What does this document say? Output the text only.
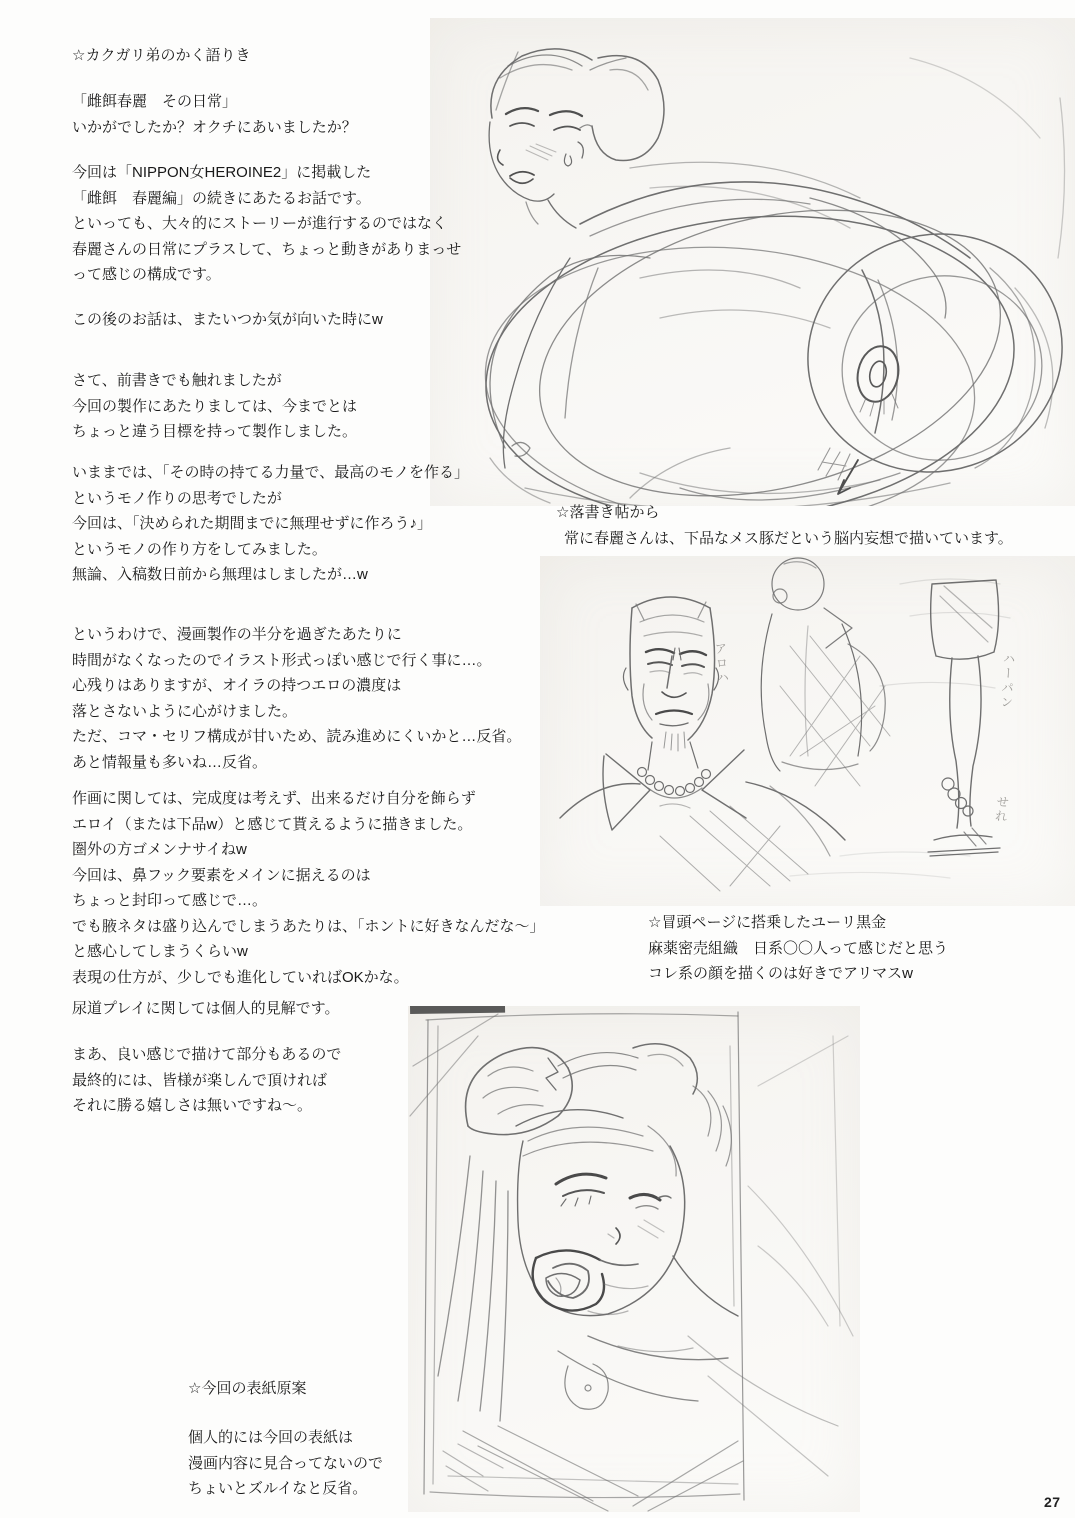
アロハ	ハーパン
せれ
☆カクガリ弟のかく語りき
「雌餌春麗　その日常」
いかがでしたか？オクチにあいましたか？
今回は「NIPPON女HEROINE2」に掲載した
「雌餌　春麗編」の続きにあたるお話です。
といっても、大々的にストーリーが進行するのではなく
春麗さんの日常にプラスして、ちょっと動きがありまっせ
って感じの構成です。
この後のお話は、またいつか気が向いた時にw
さて、前書きでも触れましたが
今回の製作にあたりましては、今までとは
ちょっと違う目標を持って製作しました。
いままでは、「その時の持てる力量で、最高のモノを作る」
というモノ作りの思考でしたが
今回は、「決められた期間までに無理せずに作ろう♪」
というモノの作り方をしてみました。
無論、入稿数日前から無理はしましたが…w
というわけで、漫画製作の半分を過ぎたあたりに
時間がなくなったのでイラスト形式っぽい感じで行く事に…。
心残りはありますが、オイラの持つエロの濃度は
落とさないように心がけました。
ただ、コマ・セリフ構成が甘いため、読み進めにくいかと…反省。
あと情報量も多いね…反省。
作画に関しては、完成度は考えず、出来るだけ自分を飾らず
エロイ（または下品w）と感じて貰えるように描きました。
圏外の方ゴメンナサイねw
今回は、鼻フック要素をメインに据えるのは
ちょっと封印って感じで…。
でも腋ネタは盛り込んでしまうあたりは、「ホントに好きなんだな～」
と感心してしまうくらいw
表現の仕方が、少しでも進化していればOKかな。
尿道プレイに関しては個人的見解です。
まあ、良い感じで描けて部分もあるので
最終的には、皆様が楽しんで頂ければ
それに勝る嬉しさは無いですね～。
☆落書き帖から
常に春麗さんは、下品なメス豚だという脳内妄想で描いています。
☆冒頭ページに搭乗したユーリ黒金
麻薬密売組織　日系〇〇人って感じだと思う
コレ系の顔を描くのは好きでアリマスw
☆今回の表紙原案
個人的には今回の表紙は
漫画内容に見合ってないので
ちょいとズルイなと反省。
27
